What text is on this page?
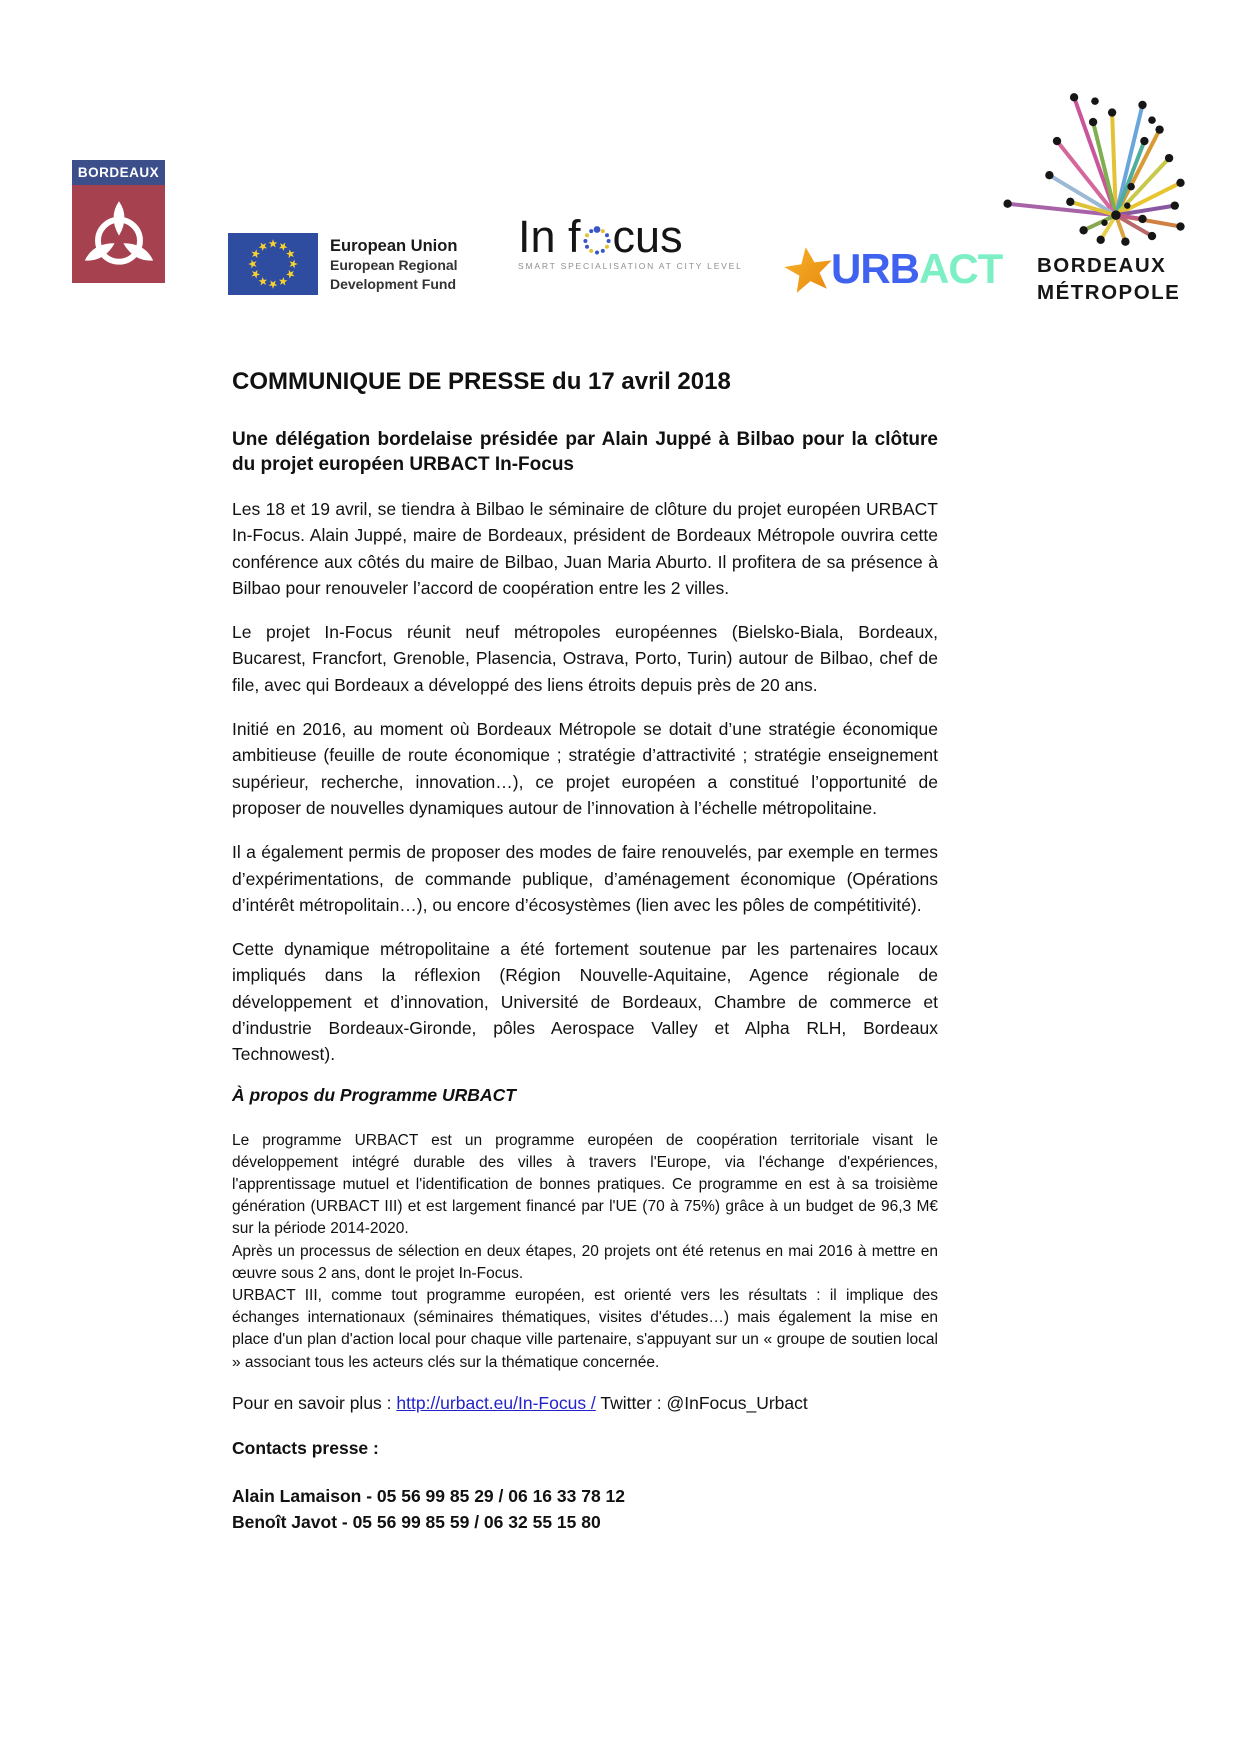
BORDEAUX
European Union
European Regional
Development Fund
In f cus
SMART SPECIALISATION AT CITY LEVEL URBACT BORDEAUX
MÉTROPOLE
COMMUNIQUE DE PRESSE du 17 avril 2018
Une délégation bordelaise présidée par Alain Juppé à Bilbao pour la clôture du projet européen URBACT In-Focus

Les 18 et 19 avril, se tiendra à Bilbao le séminaire de clôture du projet européen URBACT In-Focus. Alain Juppé, maire de Bordeaux, président de Bordeaux Métropole ouvrira cette conférence aux côtés du maire de Bilbao, Juan Maria Aburto. Il profitera de sa présence à Bilbao pour renouveler l’accord de coopération entre les 2 villes.

Le projet In-Focus réunit neuf métropoles européennes (Bielsko-Biala, Bordeaux, Bucarest, Francfort, Grenoble, Plasencia, Ostrava, Porto, Turin) autour de Bilbao, chef de file, avec qui Bordeaux a développé des liens étroits depuis près de 20 ans.

Initié en 2016, au moment où Bordeaux Métropole se dotait d’une stratégie économique ambitieuse (feuille de route économique ; stratégie d’attractivité ; stratégie enseignement supérieur, recherche, innovation…), ce projet européen a constitué l’opportunité de proposer de nouvelles dynamiques autour de l’innovation à l’échelle métropolitaine.

Il a également permis de proposer des modes de faire renouvelés, par exemple en termes d’expérimentations, de commande publique, d’aménagement économique (Opérations d’intérêt métropolitain…), ou encore d’écosystèmes (lien avec les pôles de compétitivité).

Cette dynamique métropolitaine a été fortement soutenue par les partenaires locaux impliqués dans la réflexion (Région Nouvelle-Aquitaine, Agence régionale de développement et d’innovation, Université de Bordeaux, Chambre de commerce et d’industrie Bordeaux-Gironde, pôles Aerospace Valley et Alpha RLH, Bordeaux Technowest).

À propos du Programme URBACT

Le programme URBACT est un programme européen de coopération territoriale visant le développement intégré durable des villes à travers l'Europe, via l'échange d'expériences, l'apprentissage mutuel et l'identification de bonnes pratiques. Ce programme en est à sa troisième génération (URBACT III) et est largement financé par l'UE (70 à 75%) grâce à un budget de 96,3 M€ sur la période 2014-2020.

Après un processus de sélection en deux étapes, 20 projets ont été retenus en mai 2016 à mettre en œuvre sous 2 ans, dont le projet In-Focus.

URBACT III, comme tout programme européen, est orienté vers les résultats : il implique des échanges internationaux (séminaires thématiques, visites d'études…) mais également la mise en place d'un plan d'action local pour chaque ville partenaire, s'appuyant sur un « groupe de soutien local » associant tous les acteurs clés sur la thématique concernée.

Pour en savoir plus : http://urbact.eu/In-Focus / Twitter : @InFocus_Urbact

Contacts presse :

Alain Lamaison - 05 56 99 85 29 / 06 16 33 78 12

Benoît Javot - 05 56 99 85 59 / 06 32 55 15 80
